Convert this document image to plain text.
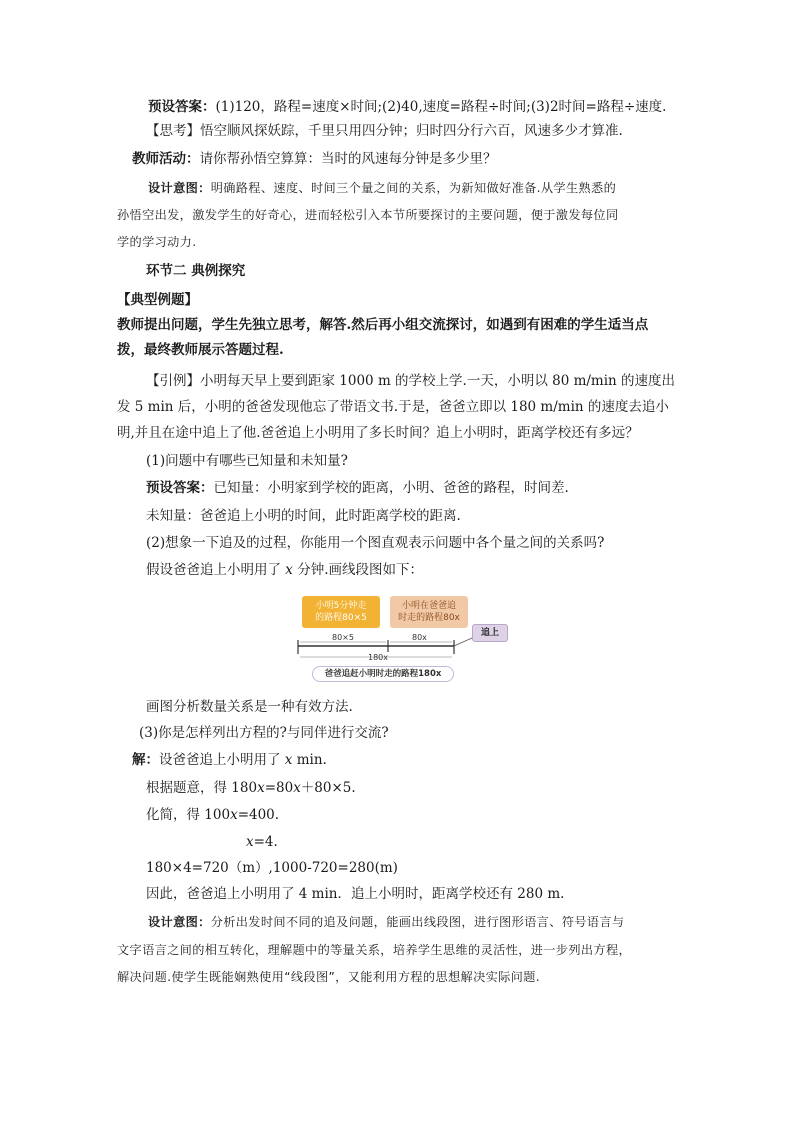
预设答案：(1)120，路程=速度×时间;(2)40,速度=路程÷时间;(3)2时间=路程÷速度.
【思考】悟空顺风探妖踪，千里只用四分钟；归时四分行六百，风速多少才算准.
教师活动：请你帮孙悟空算算：当时的风速每分钟是多少里？
设计意图：明确路程、速度、时间三个量之间的关系，为新知做好准备.从学生熟悉的
孙悟空出发，激发学生的好奇心，进而轻松引入本节所要探讨的主要问题，便于激发每位同
学的学习动力.
环节二 典例探究
【典型例题】
教师提出问题，学生先独立思考，解答.然后再小组交流探讨，如遇到有困难的学生适当点
拨，最终教师展示答题过程.
【引例】小明每天早上要到距家 1000 m 的学校上学.一天，小明以 80 m/min 的速度出
发 5 min 后，小明的爸爸发现他忘了带语文书.于是，爸爸立即以 180 m/min 的速度去追小
明,并且在途中追上了他.爸爸追上小明用了多长时间？追上小明时，距离学校还有多远？
(1)问题中有哪些已知量和未知量?
预设答案：已知量：小明家到学校的距离，小明、爸爸的路程，时间差.
未知量：爸爸追上小明的时间，此时距离学校的距离.
(2)想象一下追及的过程，你能用一个图直观表示问题中各个量之间的关系吗?
假设爸爸追上小明用了 x 分钟.画线段图如下：
小明5分钟走
的路程80×5
小明在爸爸追
时走的路程80x
80×5	80x
180x
追上
爸爸追赶小明时走的路程180x
画图分析数量关系是一种有效方法.
(3)你是怎样列出方程的?与同伴进行交流?
解：设爸爸追上小明用了 x min.
根据题意，得 180x=80x＋80×5.
化简，得 100x=400.
x=4.
180×4=720（m）,1000-720=280(m)
因此，爸爸追上小明用了 4 min．追上小明时，距离学校还有 280 m.
设计意图：分析出发时间不同的追及问题，能画出线段图，进行图形语言、符号语言与
文字语言之间的相互转化，理解题中的等量关系，培养学生思维的灵活性，进一步列出方程，
解决问题.使学生既能娴熟使用“线段图”，又能利用方程的思想解决实际问题.
